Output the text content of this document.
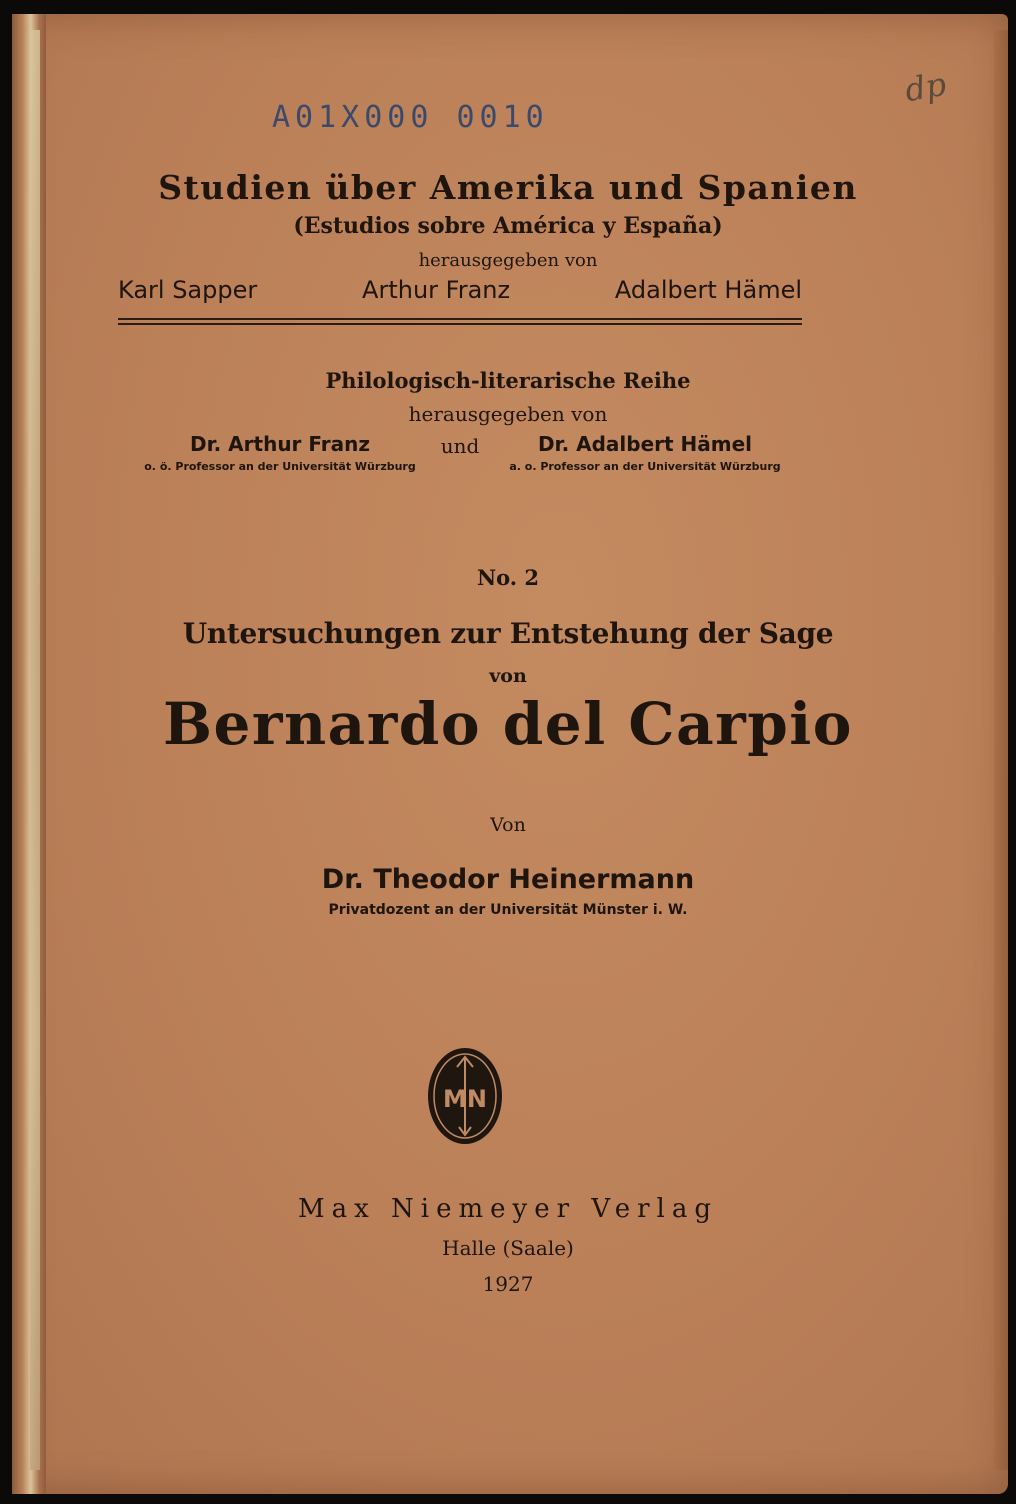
A01X000 0010
dp
Studien über Amerika und Spanien
(Estudios sobre América y España)
herausgegeben von
Karl Sapper	Arthur Franz	Adalbert Hämel
Philologisch-literarische Reihe
herausgegeben von
Dr. Arthur Franz
o. ö. Professor an der Universität Würzburg
und	Dr. Adalbert Hämel
a. o. Professor an der Universität Würzburg
No. 2
Untersuchungen zur Entstehung der Sage
von
Bernardo del Carpio
Von
Dr. Theodor Heinermann
Privatdozent an der Universität Münster i. W.
MN
Max Niemeyer Verlag
Halle (Saale)
1927
